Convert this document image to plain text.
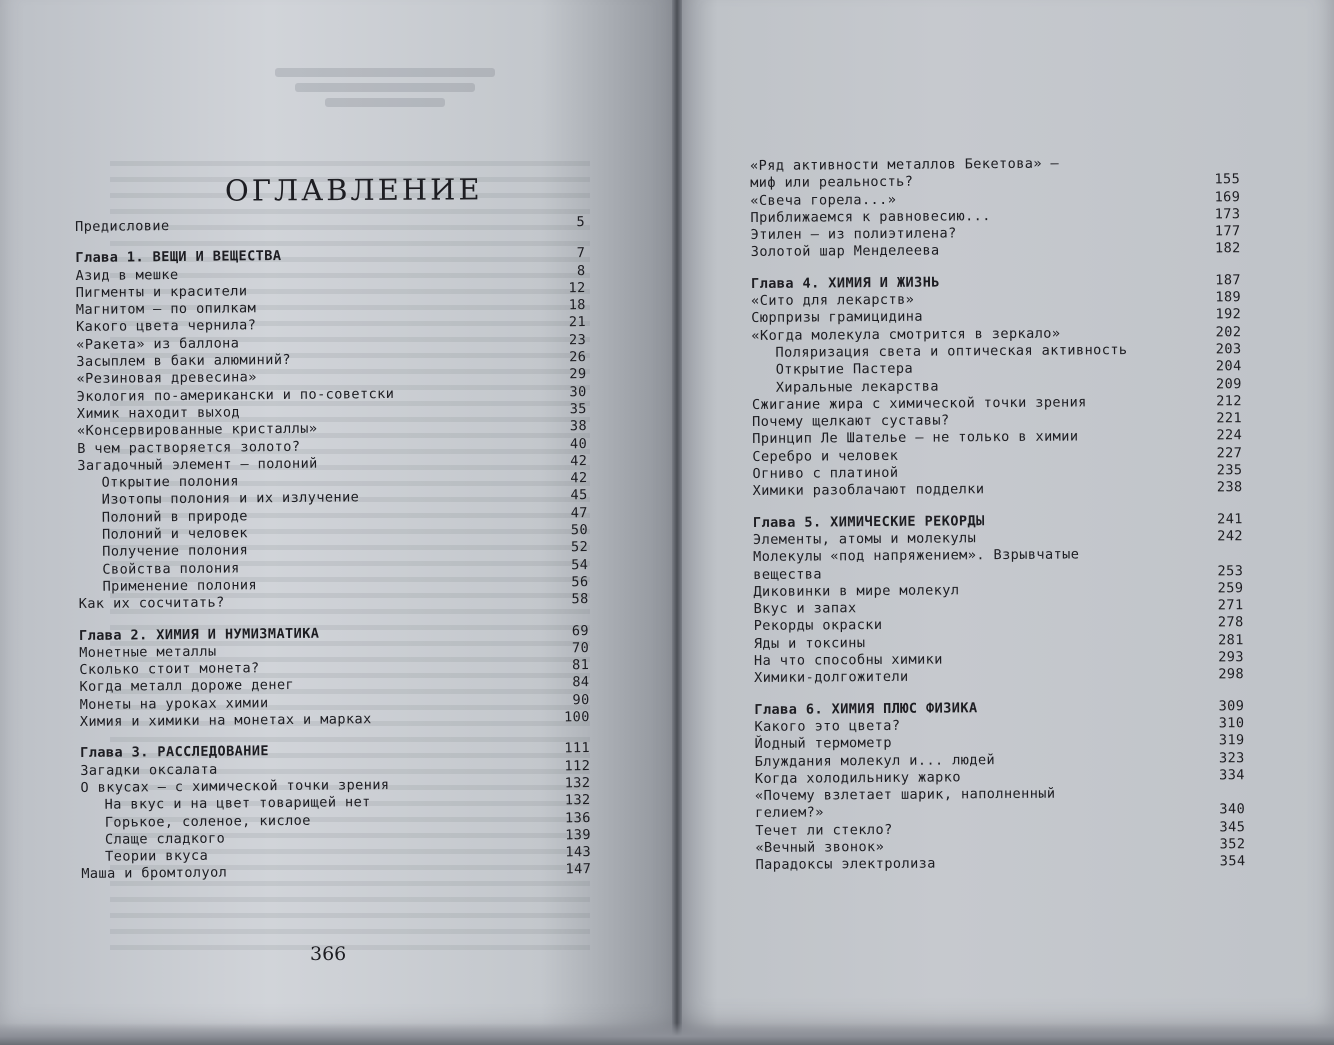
ОГЛАВЛЕНИЕ
366
Предисловие	5
Глава 1. ВЕЩИ И ВЕЩЕСТВА	7
Азид в мешке	8
Пигменты и красители	12
Магнитом – по опилкам	18
Какого цвета чернила?	21
«Ракета» из баллона	23
Засыплем в баки алюминий?	26
«Резиновая древесина»	29
Экология по-американски и по-советски	30
Химик находит выход	35
«Консервированные кристаллы»	38
В чем растворяется золото?	40
Загадочный элемент – полоний	42
Открытие полония	42
Изотопы полония и их излучение	45
Полоний в природе	47
Полоний и человек	50
Получение полония	52
Свойства полония	54
Применение полония	56
Как их сосчитать?	58
Глава 2. ХИМИЯ И НУМИЗМАТИКА	69
Монетные металлы	70
Сколько стоит монета?	81
Когда металл дороже денег	84
Монеты на уроках химии	90
Химия и химики на монетах и марках	100
Глава 3. РАССЛЕДОВАНИЕ	111
Загадки оксалата	112
О вкусах – с химической точки зрения	132
На вкус и на цвет товарищей нет	132
Горькое, соленое, кислое	136
Слаще сладкого	139
Теории вкуса	143
Маша и бромтолуол	147
«Ряд активности металлов Бекетова» –
миф или реальность?	155
«Свеча горела...»	169
Приближаемся к равновесию...	173
Этилен – из полиэтилена?	177
Золотой шар Менделеева	182
Глава 4. ХИМИЯ И ЖИЗНЬ	187
«Сито для лекарств»	189
Сюрпризы грамицидина	192
«Когда молекула смотрится в зеркало»	202
Поляризация света и оптическая активность	203
Открытие Пастера	204
Хиральные лекарства	209
Сжигание жира с химической точки зрения	212
Почему щелкают суставы?	221
Принцип Ле Шателье – не только в химии	224
Серебро и человек	227
Огниво с платиной	235
Химики разоблачают подделки	238
Глава 5. ХИМИЧЕСКИЕ РЕКОРДЫ	241
Элементы, атомы и молекулы	242
Молекулы «под напряжением». Взрывчатые
вещества	253
Диковинки в мире молекул	259
Вкус и запах	271
Рекорды окраски	278
Яды и токсины	281
На что способны химики	293
Химики-долгожители	298
Глава 6. ХИМИЯ ПЛЮС ФИЗИКА	309
Какого это цвета?	310
Йодный термометр	319
Блуждания молекул и... людей	323
Когда холодильнику жарко	334
«Почему взлетает шарик, наполненный
гелием?»	340
Течет ли стекло?	345
«Вечный звонок»	352
Парадоксы электролиза	354
